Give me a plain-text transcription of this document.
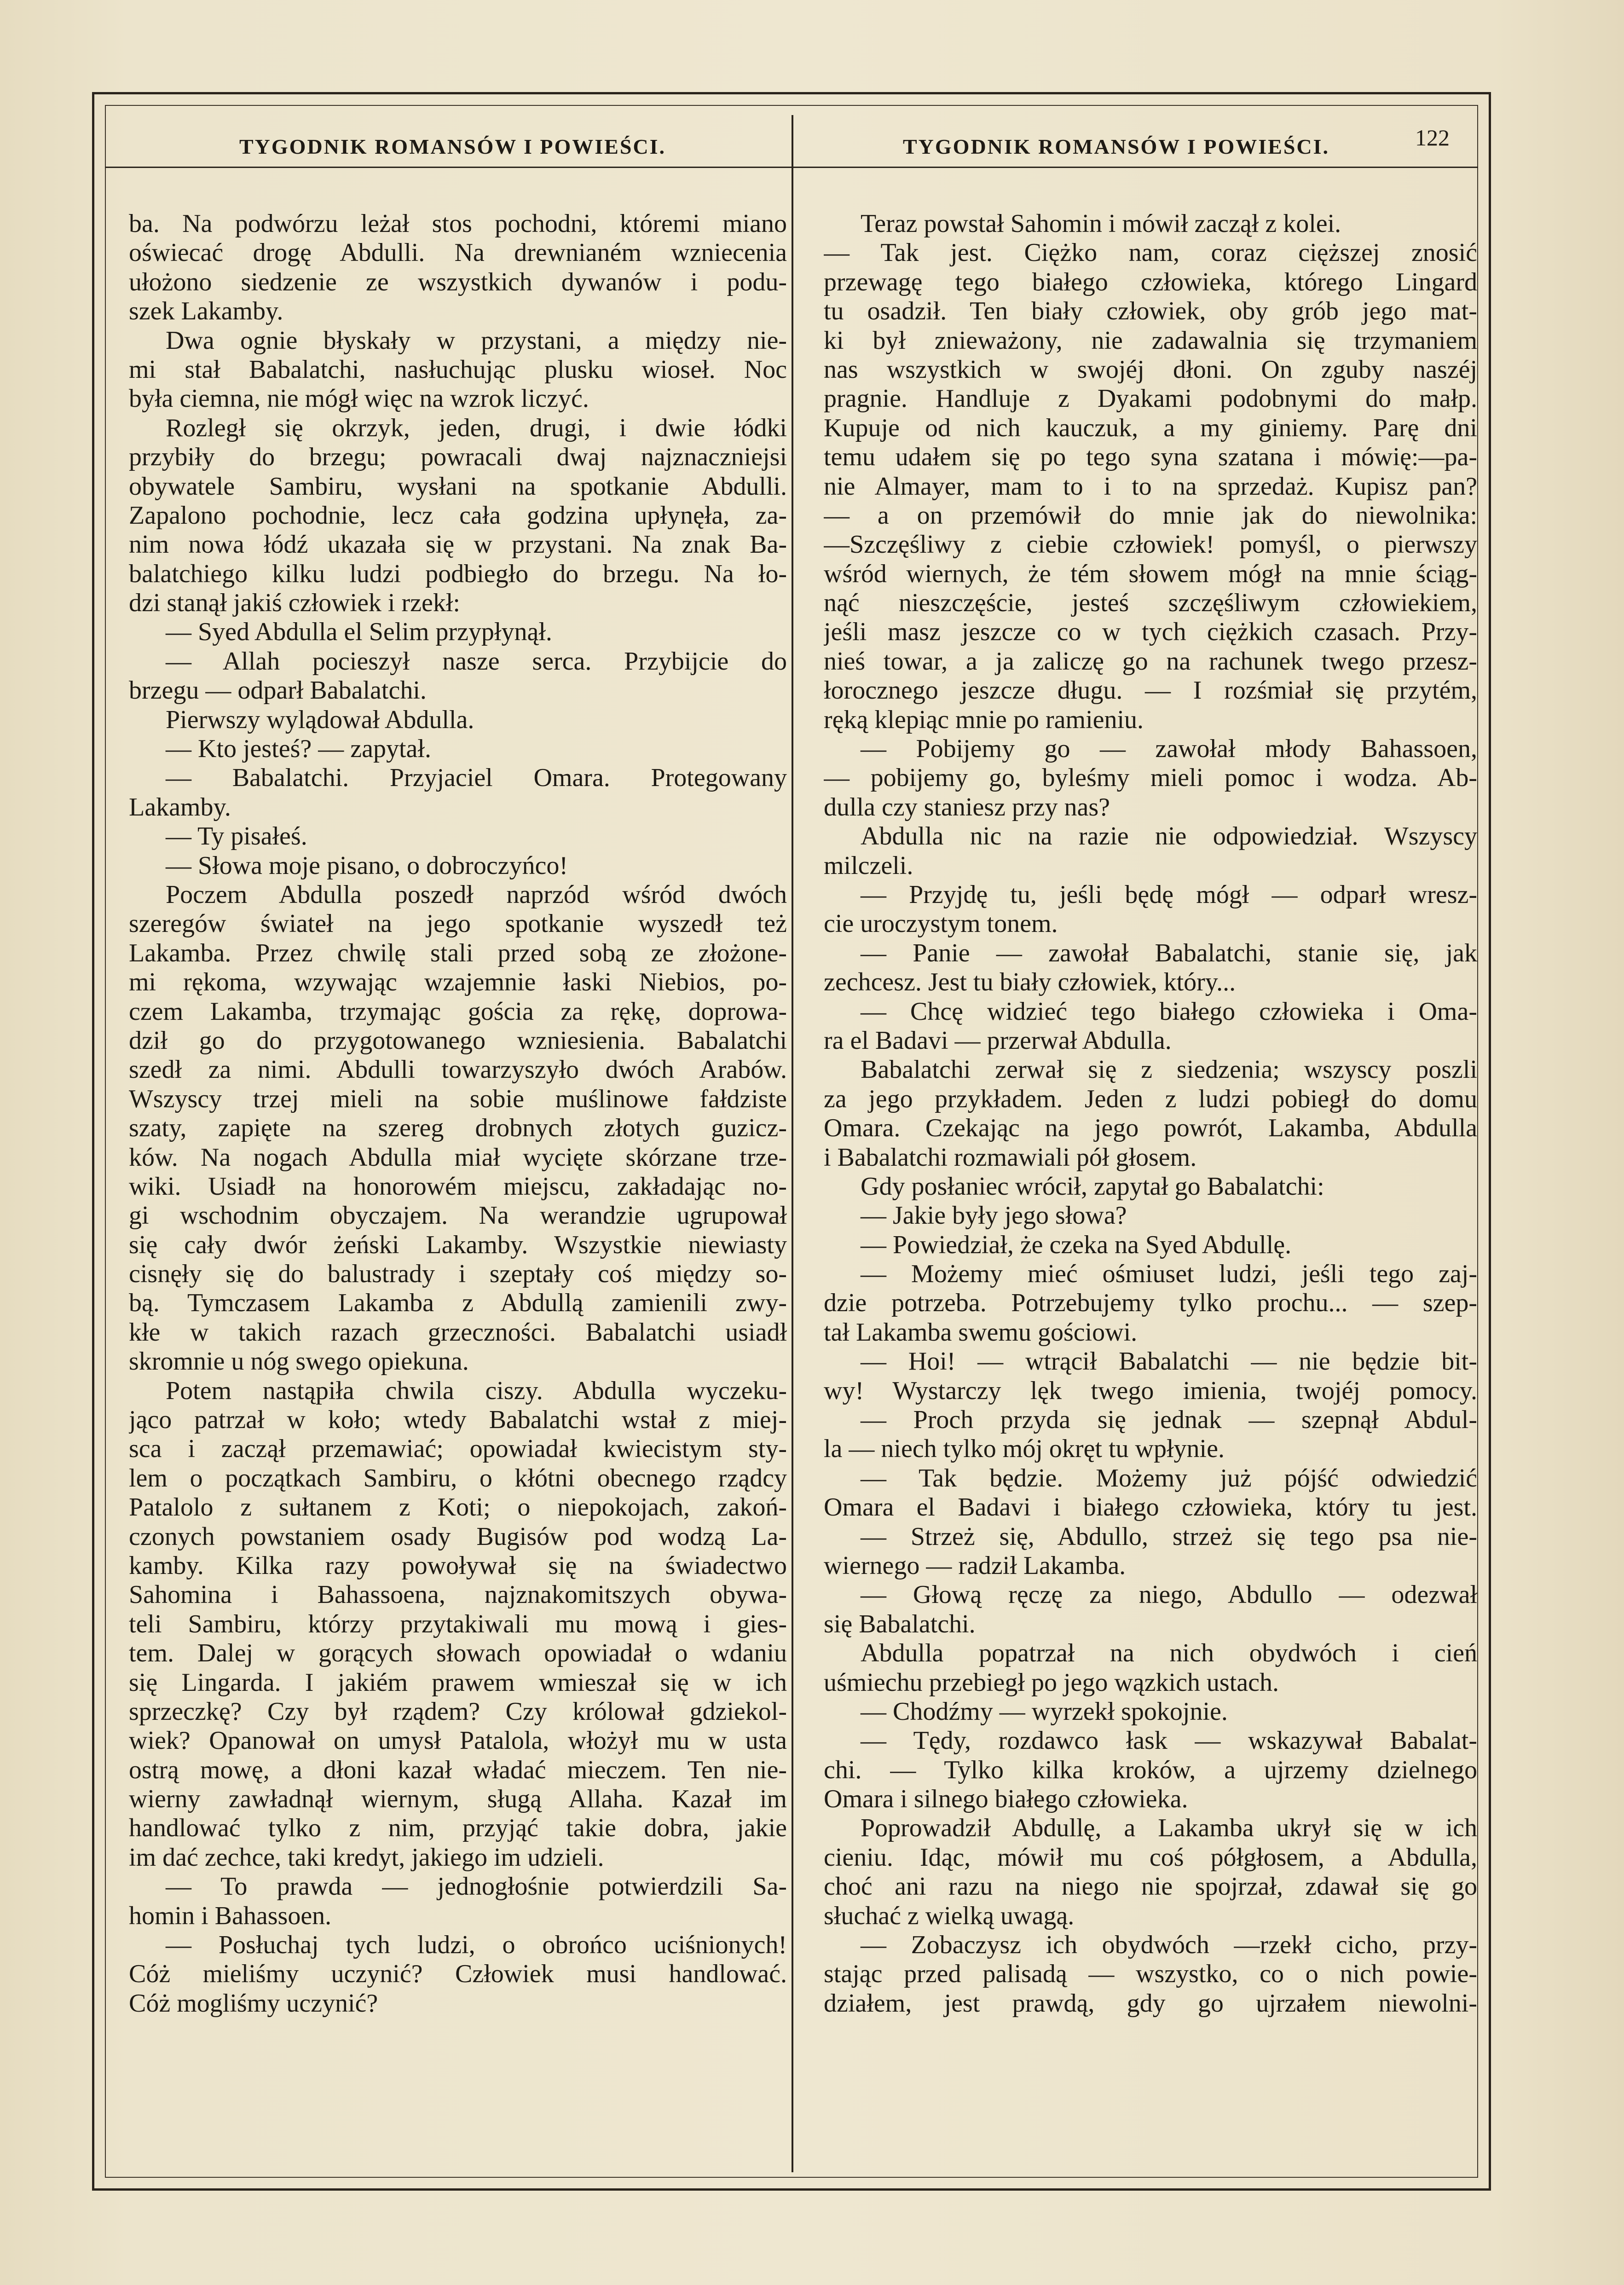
TYGODNIK ROMANSÓW I POWIEŚCI.	TYGODNIK ROMANSÓW I POWIEŚCI.	122
ba. Na podwórzu leżał stos pochodni, któremi miano
oświecać drogę Abdulli. Na drewnianém wzniecenia
ułożono siedzenie ze wszystkich dywanów i podu-
szek Lakamby.
Dwa ognie błyskały w przystani, a między nie-
mi stał Babalatchi, nasłuchując plusku wioseł. Noc
była ciemna, nie mógł więc na wzrok liczyć.
Rozległ się okrzyk, jeden, drugi, i dwie łódki
przybiły do brzegu; powracali dwaj najznaczniejsi
obywatele Sambiru, wysłani na spotkanie Abdulli.
Zapalono pochodnie, lecz cała godzina upłynęła, za-
nim nowa łódź ukazała się w przystani. Na znak Ba-
balatchiego kilku ludzi podbiegło do brzegu. Na ło-
dzi stanął jakiś człowiek i rzekł:
— Syed Abdulla el Selim przypłynął.
— Allah pocieszył nasze serca. Przybijcie do
brzegu — odparł Babalatchi.
Pierwszy wylądował Abdulla.
— Kto jesteś? — zapytał.
— Babalatchi. Przyjaciel Omara. Protegowany
Lakamby.
— Ty pisałeś.
— Słowa moje pisano, o dobroczyńco!
Poczem Abdulla poszedł naprzód wśród dwóch
szeregów świateł na jego spotkanie wyszedł też
Lakamba. Przez chwilę stali przed sobą ze złożone-
mi rękoma, wzywając wzajemnie łaski Niebios, po-
czem Lakamba, trzymając gościa za rękę, doprowa-
dził go do przygotowanego wzniesienia. Babalatchi
szedł za nimi. Abdulli towarzyszyło dwóch Arabów.
Wszyscy trzej mieli na sobie muślinowe fałdziste
szaty, zapięte na szereg drobnych złotych guzicz-
ków. Na nogach Abdulla miał wycięte skórzane trze-
wiki. Usiadł na honorowém miejscu, zakładając no-
gi wschodnim obyczajem. Na werandzie ugrupował
się cały dwór żeński Lakamby. Wszystkie niewiasty
cisnęły się do balustrady i szeptały coś między so-
bą. Tymczasem Lakamba z Abdullą zamienili zwy-
kłe w takich razach grzeczności. Babalatchi usiadł
skromnie u nóg swego opiekuna.
Potem nastąpiła chwila ciszy. Abdulla wyczeku-
jąco patrzał w koło; wtedy Babalatchi wstał z miej-
sca i zaczął przemawiać; opowiadał kwiecistym sty-
lem o początkach Sambiru, o kłótni obecnego rządcy
Patalolo z sułtanem z Koti; o niepokojach, zakoń-
czonych powstaniem osady Bugisów pod wodzą La-
kamby. Kilka razy powoływał się na świadectwo
Sahomina i Bahassoena, najznakomitszych obywa-
teli Sambiru, którzy przytakiwali mu mową i gies-
tem. Dalej w gorących słowach opowiadał o wdaniu
się Lingarda. I jakiém prawem wmieszał się w ich
sprzeczkę? Czy był rządem? Czy królował gdziekol-
wiek? Opanował on umysł Patalola, włożył mu w usta
ostrą mowę, a dłoni kazał władać mieczem. Ten nie-
wierny zawładnął wiernym, sługą Allaha. Kazał im
handlować tylko z nim, przyjąć takie dobra, jakie
im dać zechce, taki kredyt, jakiego im udzieli.
— To prawda — jednogłośnie potwierdzili Sa-
homin i Bahassoen.
— Posłuchaj tych ludzi, o obrońco uciśnionych!
Cóż mieliśmy uczynić? Człowiek musi handlować.
Cóż mogliśmy uczynić?
Teraz powstał Sahomin i mówił zaczął z kolei.
— Tak jest. Ciężko nam, coraz cięższej znosić
przewagę tego białego człowieka, którego Lingard
tu osadził. Ten biały człowiek, oby grób jego mat-
ki był znieważony, nie zadawalnia się trzymaniem
nas wszystkich w swojéj dłoni. On zguby naszéj
pragnie. Handluje z Dyakami podobnymi do małp.
Kupuje od nich kauczuk, a my giniemy. Parę dni
temu udałem się po tego syna szatana i mówię:—pa-
nie Almayer, mam to i to na sprzedaż. Kupisz pan?
— a on przemówił do mnie jak do niewolnika:
—Szczęśliwy z ciebie człowiek! pomyśl, o pierwszy
wśród wiernych, że tém słowem mógł na mnie ściąg-
nąć nieszczęście, jesteś szczęśliwym człowiekiem,
jeśli masz jeszcze co w tych ciężkich czasach. Przy-
nieś towar, a ja zaliczę go na rachunek twego przesz-
łorocznego jeszcze długu. — I rozśmiał się przytém,
ręką klepiąc mnie po ramieniu.
— Pobijemy go — zawołał młody Bahassoen,
— pobijemy go, byleśmy mieli pomoc i wodza. Ab-
dulla czy staniesz przy nas?
Abdulla nic na razie nie odpowiedział. Wszyscy
milczeli.
— Przyjdę tu, jeśli będę mógł — odparł wresz-
cie uroczystym tonem.
— Panie — zawołał Babalatchi, stanie się, jak
zechcesz. Jest tu biały człowiek, który...
— Chcę widzieć tego białego człowieka i Oma-
ra el Badavi — przerwał Abdulla.
Babalatchi zerwał się z siedzenia; wszyscy poszli
za jego przykładem. Jeden z ludzi pobiegł do domu
Omara. Czekając na jego powrót, Lakamba, Abdulla
i Babalatchi rozmawiali pół głosem.
Gdy posłaniec wrócił, zapytał go Babalatchi:
— Jakie były jego słowa?
— Powiedział, że czeka na Syed Abdullę.
— Możemy mieć ośmiuset ludzi, jeśli tego zaj-
dzie potrzeba. Potrzebujemy tylko prochu... — szep-
tał Lakamba swemu gościowi.
— Hoi! — wtrącił Babalatchi — nie będzie bit-
wy! Wystarczy lęk twego imienia, twojéj pomocy.
— Proch przyda się jednak — szepnął Abdul-
la — niech tylko mój okręt tu wpłynie.
— Tak będzie. Możemy już pójść odwiedzić
Omara el Badavi i białego człowieka, który tu jest.
— Strzeż się, Abdullo, strzeż się tego psa nie-
wiernego — radził Lakamba.
— Głową ręczę za niego, Abdullo — odezwał
się Babalatchi.
Abdulla popatrzał na nich obydwóch i cień
uśmiechu przebiegł po jego wązkich ustach.
— Chodźmy — wyrzekł spokojnie.
— Tędy, rozdawco łask — wskazywał Babalat-
chi. — Tylko kilka kroków, a ujrzemy dzielnego
Omara i silnego białego człowieka.
Poprowadził Abdullę, a Lakamba ukrył się w ich
cieniu. Idąc, mówił mu coś półgłosem, a Abdulla,
choć ani razu na niego nie spojrzał, zdawał się go
słuchać z wielką uwagą.
— Zobaczysz ich obydwóch —rzekł cicho, przy-
stając przed palisadą — wszystko, co o nich powie-
działem, jest prawdą, gdy go ujrzałem niewolni-
